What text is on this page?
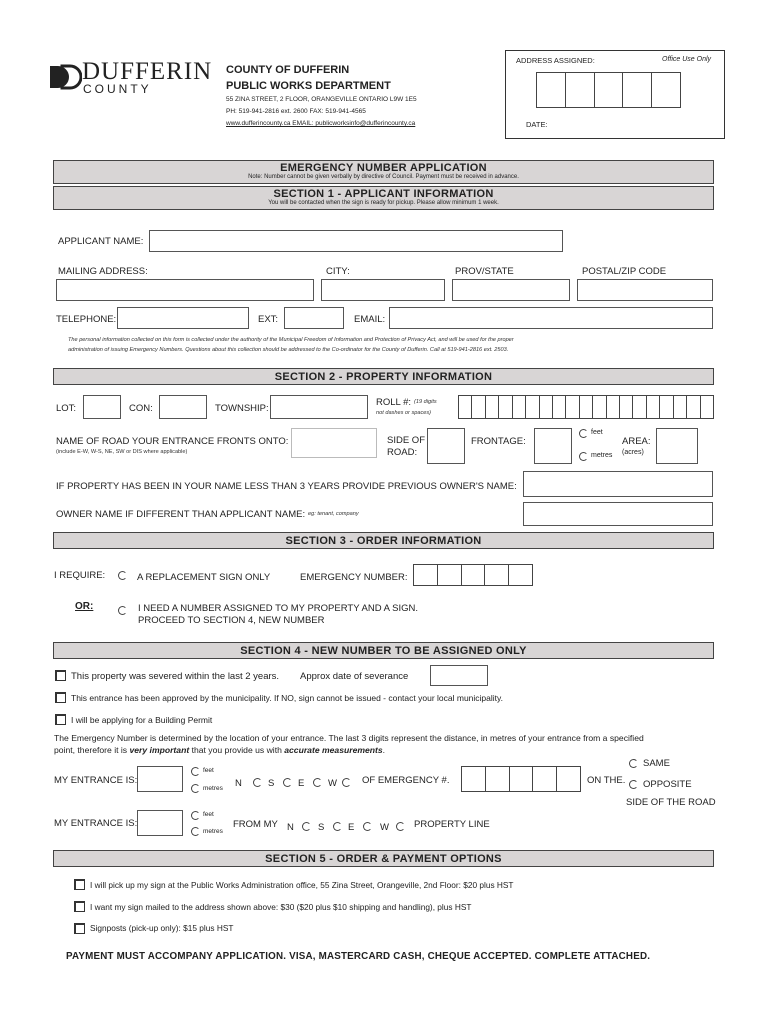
DUFFERIN
COUNTY
COUNTY OF DUFFERIN
PUBLIC WORKS DEPARTMENT
55 ZINA STREET, 2 FLOOR, ORANGEVILLE ONTARIO L9W 1E5
PH: 519-941-2816 ext. 2600 FAX: 519-941-4565
www.dufferincounty.ca EMAIL: publicworksinfo@dufferincounty.ca
ADDRESS ASSIGNED:	Office Use Only
DATE:
EMERGENCY NUMBER APPLICATION
Note: Number cannot be given verbally by directive of Council. Payment must be received in advance.
SECTION 1 - APPLICANT INFORMATION
You will be contacted when the sign is ready for pickup. Please allow minimum 1 week.
APPLICANT NAME:
MAILING ADDRESS:	CITY:	PROV/STATE	POSTAL/ZIP CODE
TELEPHONE:	EXT:	EMAIL:
The personal information collected on this form is collected under the authority of the Municipal Freedom of Information and Protection of Privacy Act, and will be used for the proper
administration of issuing Emergency Numbers. Questions about this collection should be addressed to the Co-ordinator for the County of Dufferin. Call at 519-941-2816 ext. 2503.
SECTION 2 - PROPERTY INFORMATION
LOT:	CON:	TOWNSHIP:
ROLL #: (19 digits
not dashes or spaces)
NAME OF ROAD YOUR ENTRANCE FRONTS ONTO:
(include E-W, W-S, NE, SW or DIS where applicable)
SIDE OF
ROAD:
FRONTAGE:
feet
metres
AREA:
(acres)
IF PROPERTY HAS BEEN IN YOUR NAME LESS THAN 3 YEARS PROVIDE PREVIOUS OWNER'S NAME:
OWNER NAME IF DIFFERENT THAN APPLICANT NAME: eg: tenant, company
SECTION 3 - ORDER INFORMATION
I REQUIRE:	A REPLACEMENT SIGN ONLY	EMERGENCY NUMBER:
OR:	I NEED A NUMBER ASSIGNED TO MY PROPERTY AND A SIGN.
PROCEED TO SECTION 4, NEW NUMBER
SECTION 4 - NEW NUMBER TO BE ASSIGNED ONLY
This property was severed within the last 2 years. Approx date of severance
This entrance has been approved by the municipality. If NO, sign cannot be issued - contact your local municipality.
I will be applying for a Building Permit
The Emergency Number is determined by the location of your entrance. The last 3 digits represent the distance, in metres of your entrance from a specified
point, therefore it is very important that you provide us with accurate measurements.
MY ENTRANCE IS:
feet
metres N	S E W	OF EMERGENCY #.	ON THE.
SAME
OPPOSITE
SIDE OF THE ROAD
MY ENTRANCE IS:
feet
metres
FROM MY N	S E	W	PROPERTY LINE
SECTION 5 - ORDER & PAYMENT OPTIONS
I will pick up my sign at the Public Works Administration office, 55 Zina Street, Orangeville, 2nd Floor: $20 plus HST
I want my sign mailed to the address shown above: $30 ($20 plus $10 shipping and handling), plus HST
Signposts (pick-up only): $15 plus HST
PAYMENT MUST ACCOMPANY APPLICATION. VISA, MASTERCARD CASH, CHEQUE ACCEPTED. COMPLETE ATTACHED.
